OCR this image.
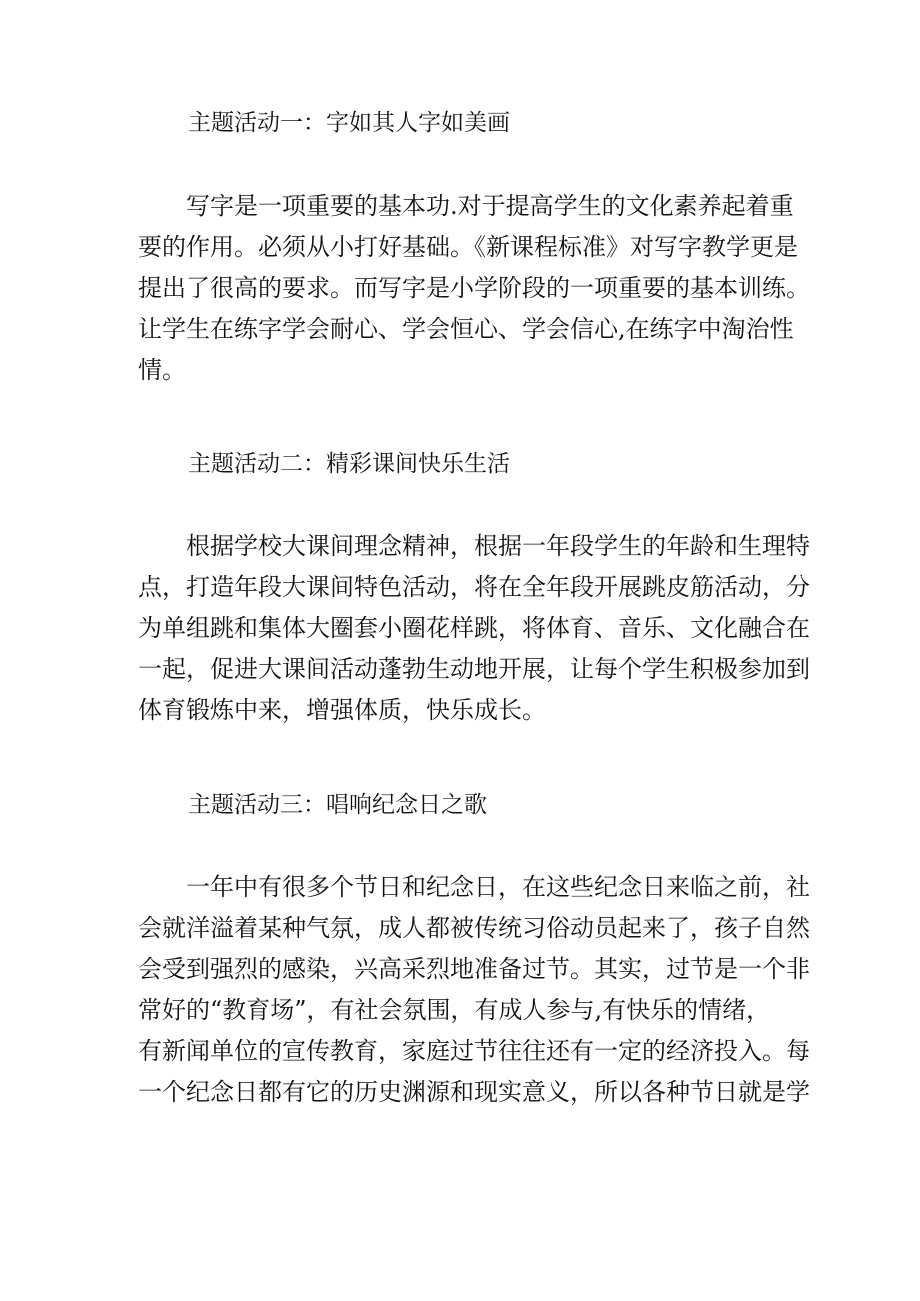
主题活动一：字如其人字如美画
写字是一项重要的基本功.对于提高学生的文化素养起着重
要的作用。必须从小打好基础。《新课程标准》对写字教学更是
提出了很高的要求。而写字是小学阶段的一项重要的基本训练。
让学生在练字学会耐心、学会恒心、学会信心,在练字中淘治性
情。
主题活动二：精彩课间快乐生活
根据学校大课间理念精神，根据一年段学生的年龄和生理特
点，打造年段大课间特色活动，将在全年段开展跳皮筋活动，分
为单组跳和集体大圈套小圈花样跳，将体育、音乐、文化融合在
一起，促进大课间活动蓬勃生动地开展，让每个学生积极参加到
体育锻炼中来，增强体质，快乐成长。
主题活动三：唱响纪念日之歌
一年中有很多个节日和纪念日，在这些纪念日来临之前，社
会就洋溢着某种气氛，成人都被传统习俗动员起来了，孩子自然
会受到强烈的感染，兴高采烈地准备过节。其实，过节是一个非
常好的“教育场”，有社会氛围，有成人参与,有快乐的情绪，
有新闻单位的宣传教育，家庭过节往往还有一定的经济投入。每
一个纪念日都有它的历史渊源和现实意义，所以各种节日就是学
